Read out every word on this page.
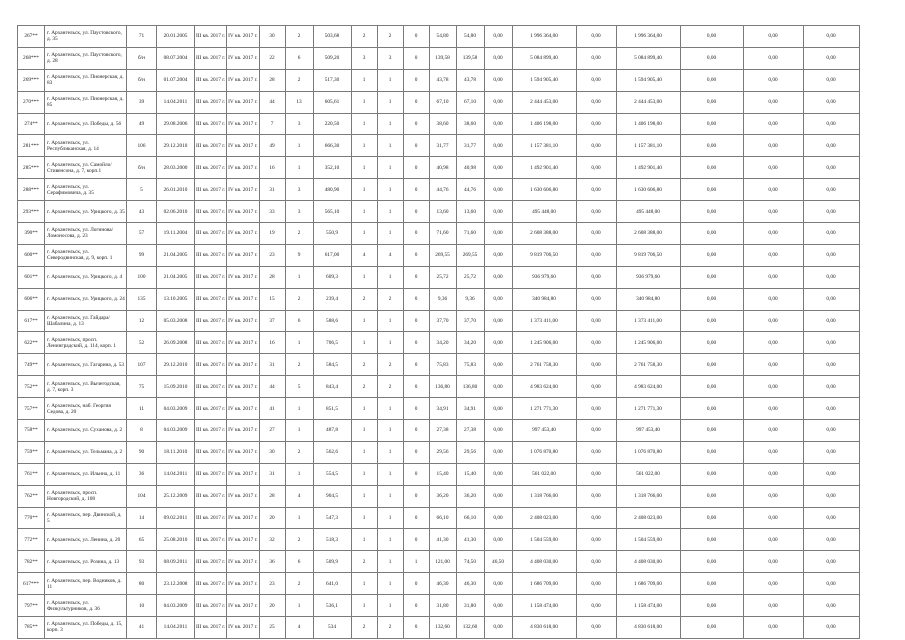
267**	г. Архангельск, ул. Паустовского, д. 35	71	20.01.2005	III кв. 2017 г.	IV кв. 2017 г.	30	2	503,68	2	2	0	54,80	54,80	0,00	1 996 364,00	0,00	1 996 364,00	0,00	0,00	0,00
268***	г. Архангельск, ул. Паустовского, д. 28	б/н	08.07.2004	III кв. 2017 г.	IV кв. 2017 г.	22	6	509,20	3	3	0	139,58	139,58	0,00	5 084 899,40	0,00	5 084 899,40	0,00	0,00	0,00
269***	г. Архангельск, ул. Пионерская, д. 83	б/н	01.07.2004	III кв. 2017 г.	IV кв. 2017 г.	28	2	517,30	1	1	0	43,78	43,78	0,00	1 594 905,40	0,00	1 594 905,40	0,00	0,00	0,00
270***	г. Архангельск, ул. Пионерская, д. 85	39	14.04.2011	III кв. 2017 г.	IV кв. 2017 г.	44	13	605,61	1	1	0	67,10	67,10	0,00	2 444 453,00	0,00	2 444 453,00	0,00	0,00	0,00
274**	г. Архангельск, ул. Победы, д. 56	49	29.08.2006	III кв. 2017 г.	IV кв. 2017 г.	7	3	220,50	1	1	0	38,60	38,60	0,00	1 406 198,00	0,00	1 406 198,00	0,00	0,00	0,00
281***	г. Архангельск, ул. Республиканская, д. 14	106	29.12.2010	III кв. 2017 г.	IV кв. 2017 г.	49	1	666,30	1	1	0	31,77	31,77	0,00	1 157 381,10	0,00	1 157 381,10	0,00	0,00	0,00
285***	г. Архангельск, ул. Самойло/Стивенсона, д. 7, корп.1	б/н	28.03.2000	III кв. 2017 г.	IV кв. 2017 г.	16	1	352,10	1	1	0	40,98	40,98	0,00	1 492 901,40	0,00	1 492 901,40	0,00	0,00	0,00
288***	г. Архангельск, ул. Серафимовича, д. 35	5	26.01.2010	III кв. 2017 г.	IV кв. 2017 г.	31	3	480,90	1	1	0	44,76	44,76	0,00	1 630 606,80	0,00	1 630 606,80	0,00	0,00	0,00
293***	г. Архангельск, ул. Урицкого, д. 35	43	02.06.2010	III кв. 2017 г.	IV кв. 2017 г.	33	3	565,10	1	1	0	13,60	13,60	0,00	495 448,00	0,00	495 448,00	0,00	0,00	0,00
390**	г. Архангельск, ул. Логинова/Ломоносова, д. 23	57	19.11.2004	III кв. 2017 г.	IV кв. 2017 г.	19	2	550,9	1	1	0	71,60	71,60	0,00	2 608 388,00	0,00	2 608 388,00	0,00	0,00	0,00
600**	г. Архангельск, ул. Северодвинская, д. 9, корп. 1	99	21.04.2005	III кв. 2017 г.	IV кв. 2017 г.	23	9	617,00	4	4	0	269,55	269,55	0,00	9 819 706,50	0,00	9 819 706,50	0,00	0,00	0,00
601**	г. Архангельск, ул. Урицкого, д. 4	100	21.04.2005	III кв. 2017 г.	IV кв. 2017 г.	28	1	609,3	1	1	0	25,72	25,72	0,00	936 979,60	0,00	936 979,60	0,00	0,00	0,00
606**	г. Архангельск, ул. Урицкого, д. 24	135	13.10.2005	III кв. 2017 г.	IV кв. 2017 г.	15	2	239,4	2	2	0	9,36	9,36	0,00	340 984,80	0,00	340 984,80	0,00	0,00	0,00
617**	г. Архангельск, ул. Гайдара/Шабалина, д. 13	12	05.03.2008	III кв. 2017 г.	IV кв. 2017 г.	37	6	588,6	1	1	0	37,70	37,70	0,00	1 373 411,00	0,00	1 373 411,00	0,00	0,00	0,00
622**	г. Архангельск, просп. Ленинградский, д. 114, корп. 1	52	26.09.2008	III кв. 2017 г.	IV кв. 2017 г.	16	1	706,5	1	1	0	34,20	34,20	0,00	1 245 906,00	0,00	1 245 906,00	0,00	0,00	0,00
749**	г. Архангельск, ул. Гагарина, д. 53	107	29.12.2010	III кв. 2017 г.	IV кв. 2017 г.	31	2	584,5	2	2	0	75,83	75,83	0,00	2 761 758,30	0,00	2 761 758,30	0,00	0,00	0,00
752**	г. Архангельск, ул. Вычегодская, д. 7, корп. 3	75	15.09.2010	III кв. 2017 г.	IV кв. 2017 г.	44	5	843,4	2	2	0	136,80	136,80	0,00	4 983 624,00	0,00	4 983 624,00	0,00	0,00	0,00
757**	г. Архангельск, наб. Георгия Седова, д. 20	11	04.03.2009	III кв. 2017 г.	IV кв. 2017 г.	41	1	851,5	1	1	0	34,91	34,91	0,00	1 271 771,30	0,00	1 271 771,30	0,00	0,00	0,00
758**	г. Архангельск, ул. Суханова, д. 2	8	04.03.2009	III кв. 2017 г.	IV кв. 2017 г.	27	1	487,8	1	1	0	27,38	27,38	0,00	997 453,40	0,00	997 453,40	0,00	0,00	0,00
759**	г. Архангельск, ул. Тельмана, д. 2	90	18.11.2010	III кв. 2017 г.	IV кв. 2017 г.	30	2	562,6	1	1	0	29,56	29,56	0,00	1 076 870,80	0,00	1 076 870,80	0,00	0,00	0,00
761**	г. Архангельск, ул. Ильина, д. 11	36	14.04.2011	III кв. 2017 г.	IV кв. 2017 г.	31	1	554,5	1	1	0	15,40	15,40	0,00	561 022,00	0,00	561 022,00	0,00	0,00	0,00
762**	г. Архангельск, просп. Новгородский, д. 108	104	25.12.2009	III кв. 2017 г.	IV кв. 2017 г.	28	4	904,5	1	1	0	36,20	36,20	0,00	1 318 766,00	0,00	1 318 766,00	0,00	0,00	0,00
770**	г. Архангельск, пер. Двинской, д. 5	14	09.02.2011	III кв. 2017 г.	IV кв. 2017 г.	20	1	547,3	1	1	0	66,10	66,10	0,00	2 408 023,00	0,00	2 408 023,00	0,00	0,00	0,00
772**	г. Архангельск, ул. Ленина, д. 20	65	25.08.2010	III кв. 2017 г.	IV кв. 2017 г.	32	2	518,3	1	1	0	41,30	41,30	0,00	1 504 559,00	0,00	1 504 559,00	0,00	0,00	0,00
782**	г. Архангельск, ул. Розина, д. 13	93	08.09.2011	III кв. 2017 г.	IV кв. 2017 г.	36	6	509,9	2	1	1	121,00	74,50	46,50	4 408 030,00	0,00	4 408 030,00	0,00	0,00	0,00
617***	г. Архангельск, пер. Водников, д. 11	80	23.12.2008	III кв. 2017 г.	IV кв. 2017 г.	23	2	641,0	1	1	0	46,30	46,30	0,00	1 686 709,00	0,00	1 686 709,00	0,00	0,00	0,00
797**	г. Архангельск, ул. Физкультурников, д. 36	10	04.03.2009	III кв. 2017 г.	IV кв. 2017 г.	20	1	536,1	1	1	0	31,80	31,80	0,00	1 158 474,00	0,00	1 158 474,00	0,00	0,00	0,00
785**	г. Архангельск, ул. Победы, д. 15, корп. 3	41	14.04.2011	III кв. 2017 г.	IV кв. 2017 г.	25	4	534	2	2	0	132,60	132,60	0,00	4 830 618,00	0,00	4 830 618,00	0,00	0,00	0,00
